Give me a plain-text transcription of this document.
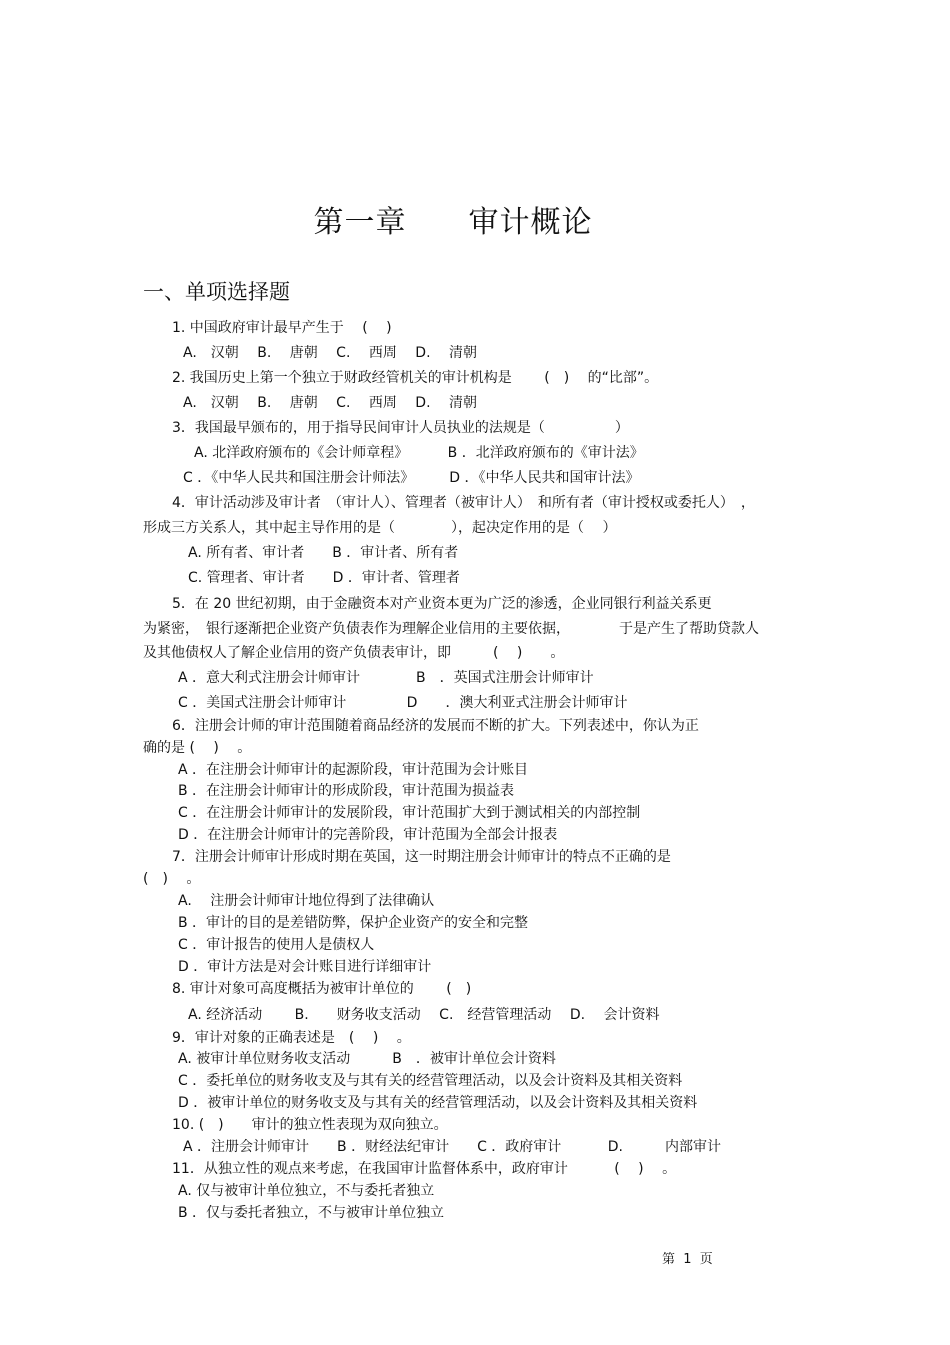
第一章　　审计概论
一、单项选择题
1. 中国政府审计最早产生于　 (　 )
A.　汉朝　 B.　 唐朝　 C.　 西周　 D.　 清朝
2. 我国历史上第一个独立于财政经管机关的审计机构是　　 (　)　 的“比部”。
A.　汉朝　 B.　 唐朝　 C.　 西周　 D.　 清朝
3．我国最早颁布的，用于指导民间审计人员执业的法规是（　　　　　）
A. 北洋政府颁布的《会计师章程》　　　 B ．北洋政府颁布的《审计法》
C ．《中华人民共和国注册会计师法》　　　D ．《中华人民共和国审计法》
4．审计活动涉及审计者　（审计人）、管理者（被审计人）　和所有者（审计授权或委托人）　，
形成三方关系人，其中起主导作用的是（　　　　），起决定作用的是（　 ）
A. 所有者、审计者　　B ．审计者、所有者
C. 管理者、审计者　　D ．审计者、管理者
5．在 20 世纪初期，由于金融资本对产业资本更为广泛的渗透，企业同银行利益关系更
为紧密，　银行逐渐把企业资产负债表作为理解企业信用的主要依据，　　　　于是产生了帮助贷款人
及其他债权人了解企业信用的资产负债表审计，即　　　(　 )　　。
A ．意大利式注册会计师审计　　　　B　．英国式注册会计师审计
C ．美国式注册会计师审计　　　　 D　　．澳大利亚式注册会计师审计
6．注册会计师的审计范围随着商品经济的发展而不断的扩大。下列表述中，你认为正
确的是 (　 )　 。
A ．在注册会计师审计的起源阶段，审计范围为会计账目
B ．在注册会计师审计的形成阶段，审计范围为损益表
C ．在注册会计师审计的发展阶段，审计范围扩大到于测试相关的内部控制
D ．在注册会计师审计的完善阶段，审计范围为全部会计报表
7．注册会计师审计形成时期在英国，这一时期注册会计师审计的特点不正确的是
(　)　 。
A.　 注册会计师审计地位得到了法律确认
B ．审计的目的是差错防弊，保护企业资产的安全和完整
C ．审计报告的使用人是债权人
D ．审计方法是对会计账目进行详细审计
8. 审计对象可高度概括为被审计单位的　　 (　)
A. 经济活动　　 B.　　财务收支活动　 C.　经营管理活动　 D.　 会计资料
9．审计对象的正确表述是　(　 )　 。
A. 被审计单位财务收支活动　　　B　．被审计单位会计资料
C ．委托单位的财务收支及与其有关的经营管理活动，以及会计资料及其相关资料
D ．被审计单位的财务收支及与其有关的经营管理活动，以及会计资料及其相关资料
10. (　)　　审计的独立性表现为双向独立。
A ．注册会计师审计　　B ．财经法纪审计　　C ．政府审计　　　 D.　　　内部审计
11．从独立性的观点来考虑，在我国审计监督体系中，政府审计　　　 (　 )　 。
A. 仅与被审计单位独立，不与委托者独立
B ．仅与委托者独立，不与被审计单位独立
第  1  页
